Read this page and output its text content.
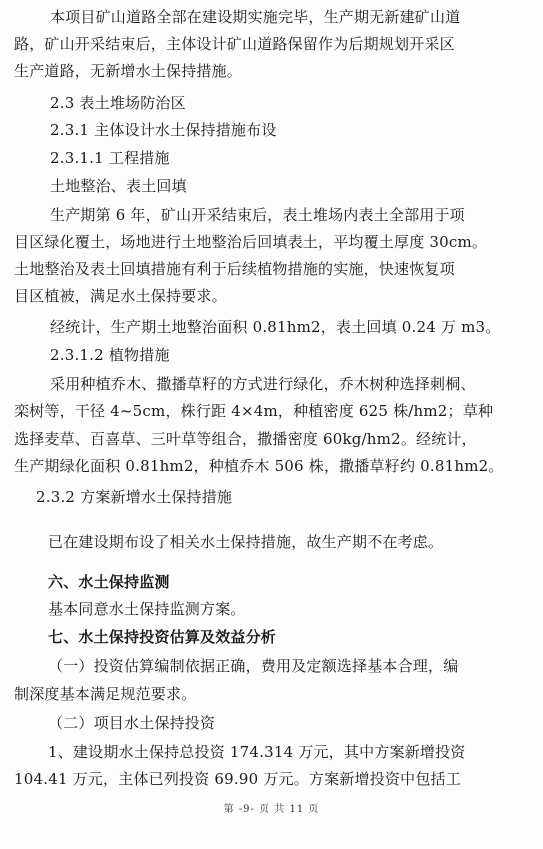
本项目矿山道路全部在建设期实施完毕，生产期无新建矿山道
路，矿山开采结束后，主体设计矿山道路保留作为后期规划开采区
生产道路，无新增水土保持措施。
2.3 表土堆场防治区
2.3.1 主体设计水土保持措施布设
2.3.1.1 工程措施
土地整治、表土回填
生产期第 6 年，矿山开采结束后，表土堆场内表土全部用于项
目区绿化覆土，场地进行土地整治后回填表土，平均覆土厚度 30cm。
土地整治及表土回填措施有利于后续植物措施的实施，快速恢复项
目区植被，满足水土保持要求。
经统计，生产期土地整治面积 0.81hm2，表土回填 0.24 万 m3。
2.3.1.2 植物措施
采用种植乔木、撒播草籽的方式进行绿化，乔木树种选择刺桐、
栾树等，干径 4~5cm，株行距 4×4m，种植密度 625 株/hm2；草种
选择麦草、百喜草、三叶草等组合，撒播密度 60kg/hm2。经统计，
生产期绿化面积 0.81hm2，种植乔木 506 株，撒播草籽约 0.81hm2。
2.3.2 方案新增水土保持措施
已在建设期布设了相关水土保持措施，故生产期不在考虑。
六、水土保持监测
基本同意水土保持监测方案。
七、水土保持投资估算及效益分析
（一）投资估算编制依据正确，费用及定额选择基本合理，编
制深度基本满足规范要求。
（二）项目水土保持投资
1、建设期水土保持总投资 174.314 万元，其中方案新增投资
104.41 万元，主体已列投资 69.90 万元。方案新增投资中包括工
第 -9- 页 共 11 页
